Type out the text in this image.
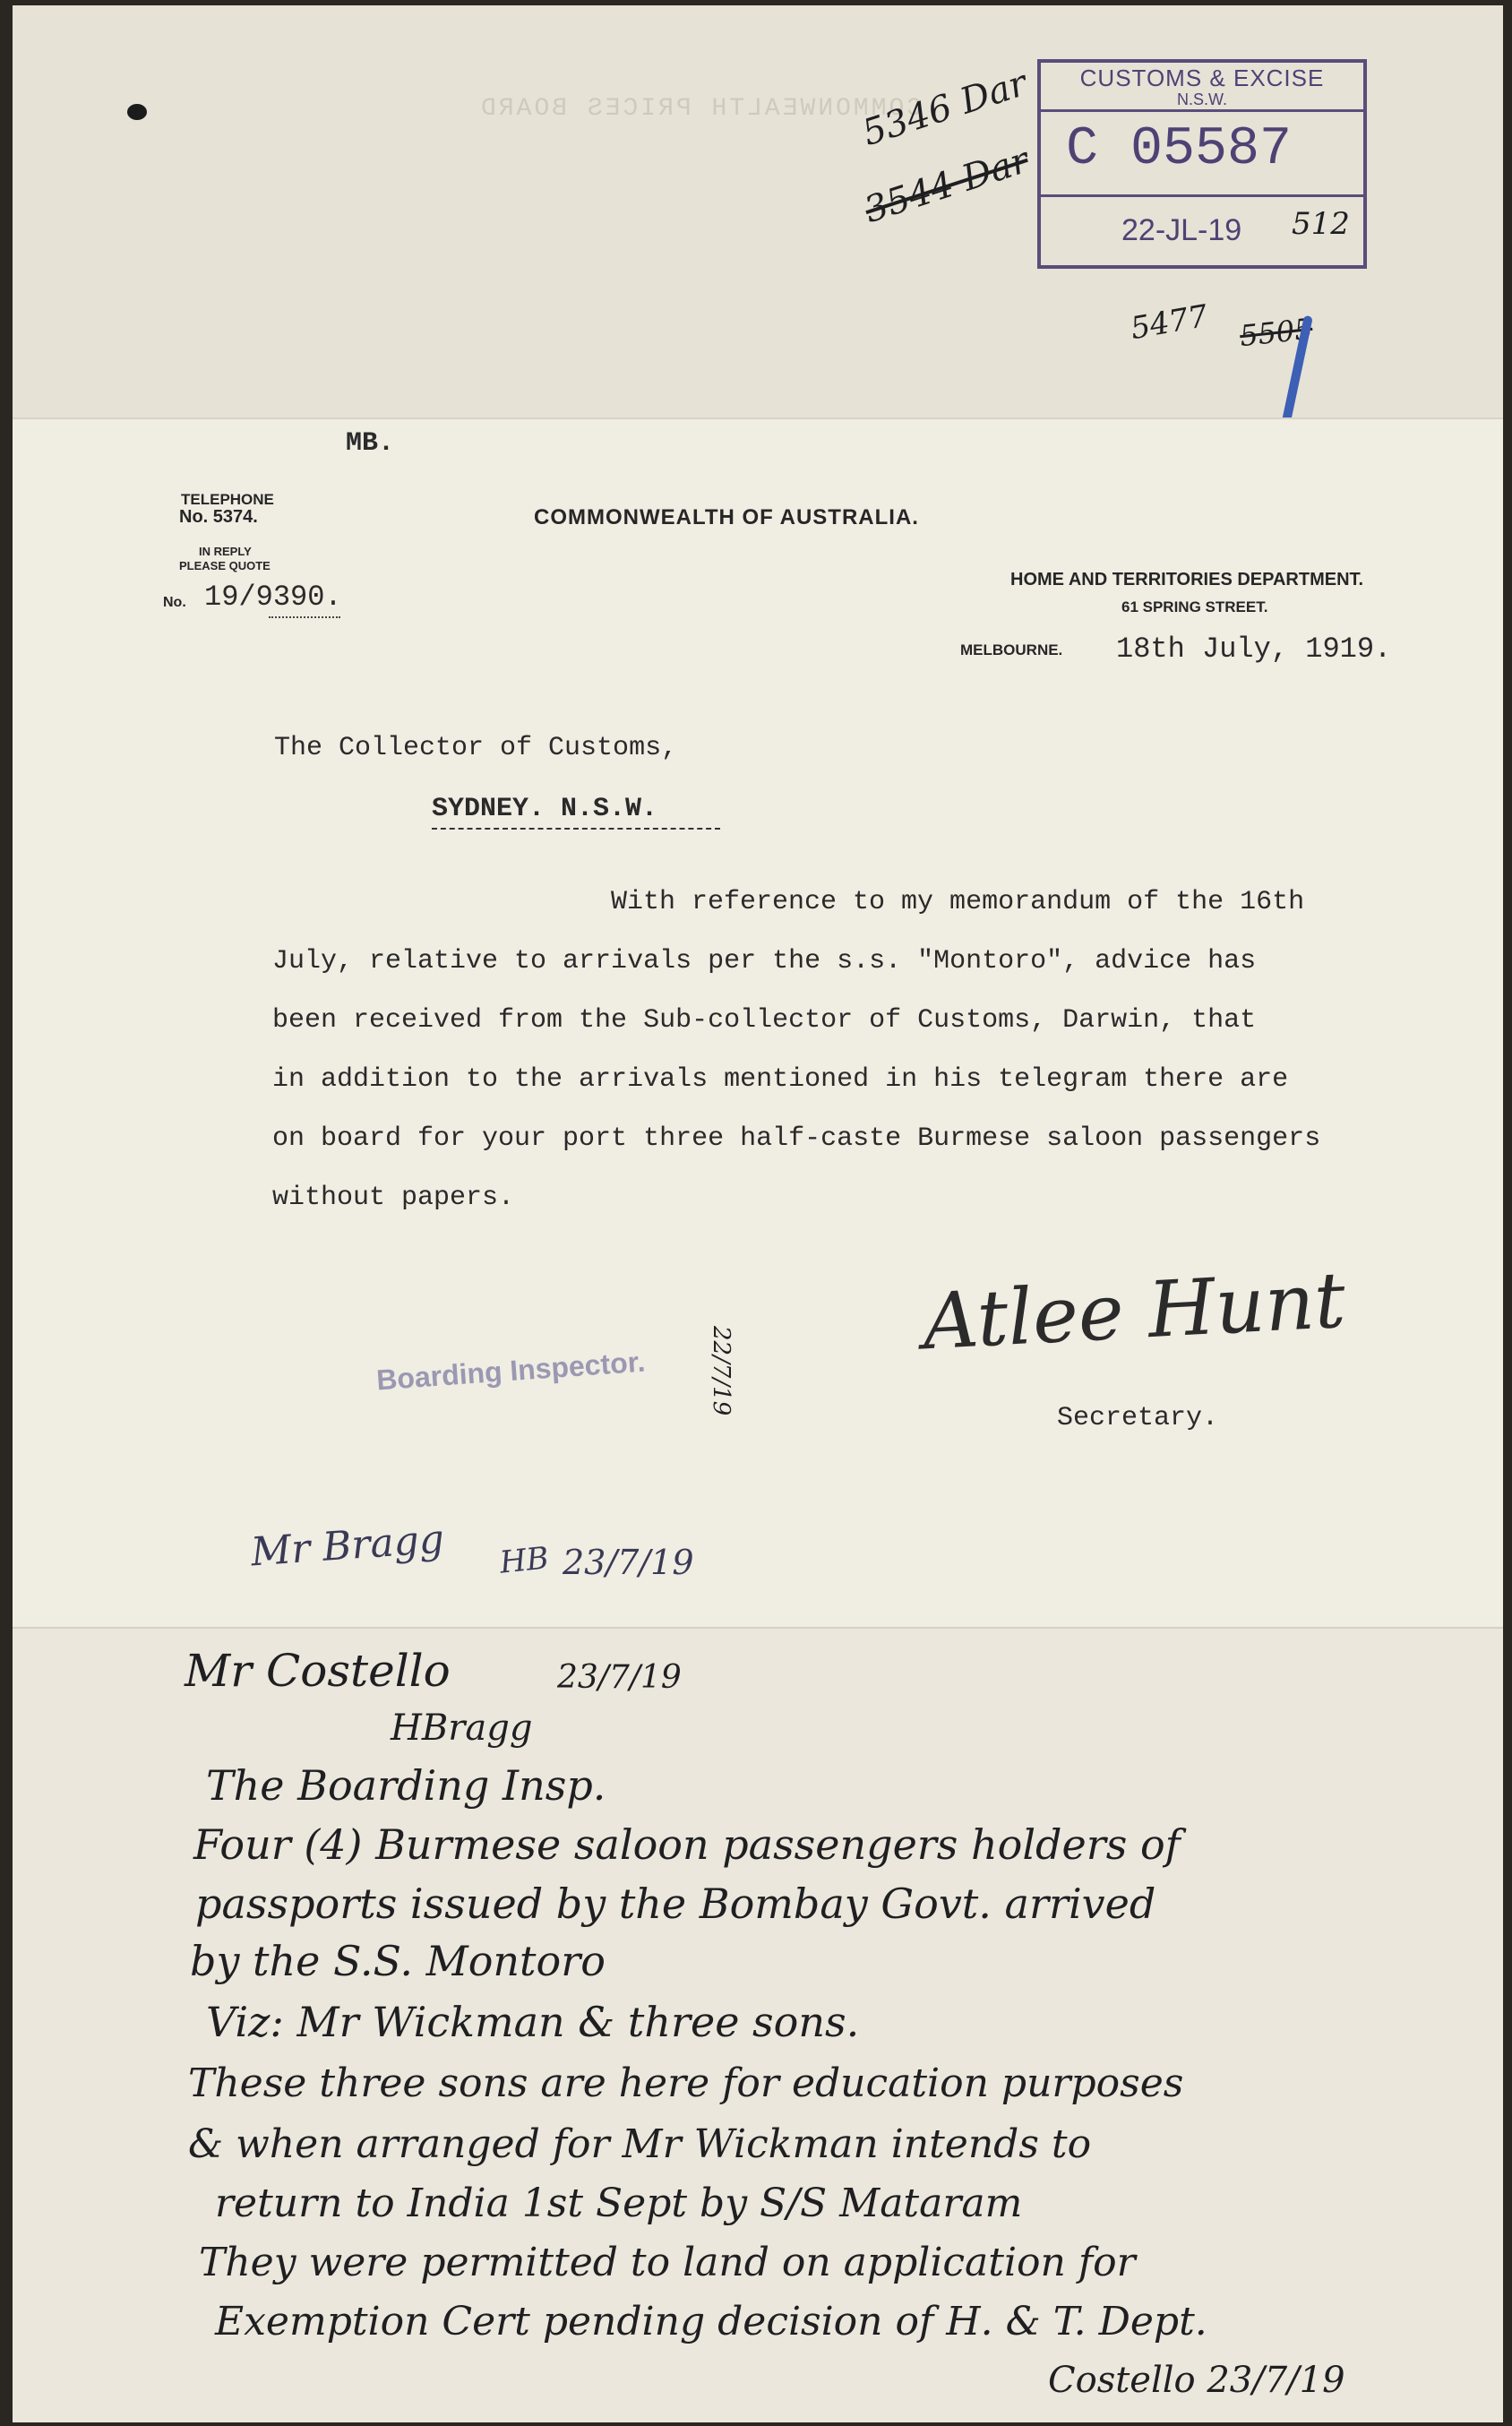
COMMONWEALTH PRICES BOARD
5346 Dar
3544 Dar
5477 5505
CUSTOMS & EXCISE
N.S.W.
C 05587
22-JL-19 512
MB.
TELEPHONE
No. 5374.
IN REPLY
PLEASE QUOTE
No. 19/9390.
COMMONWEALTH OF AUSTRALIA.
HOME AND TERRITORIES DEPARTMENT.
61 SPRING STREET.
MELBOURNE. 18th July, 1919.
The Collector of Customs,
SYDNEY. N.S.W.
With reference to my memorandum of the 16th
July, relative to arrivals per the s.s. "Montoro", advice has
been received from the Sub-collector of Customs, Darwin, that
in addition to the arrivals mentioned in his telegram there are
on board for your port three half-caste Burmese saloon passengers
without papers.
Atlee Hunt
Secretary.
Boarding Inspector.	22/7/19
Mr Bragg HB 23/7/19
Mr Costello	23/7/19
HBragg
The Boarding Insp.
Four (4) Burmese saloon passengers holders of
passports issued by the Bombay Govt. arrived
by the S.S. Montoro
Viz: Mr Wickman & three sons.
These three sons are here for education purposes
& when arranged for Mr Wickman intends to
return to India 1st Sept by S/S Mataram
They were permitted to land on application for
Exemption Cert pending decision of H. & T. Dept.
Costello 23/7/19
